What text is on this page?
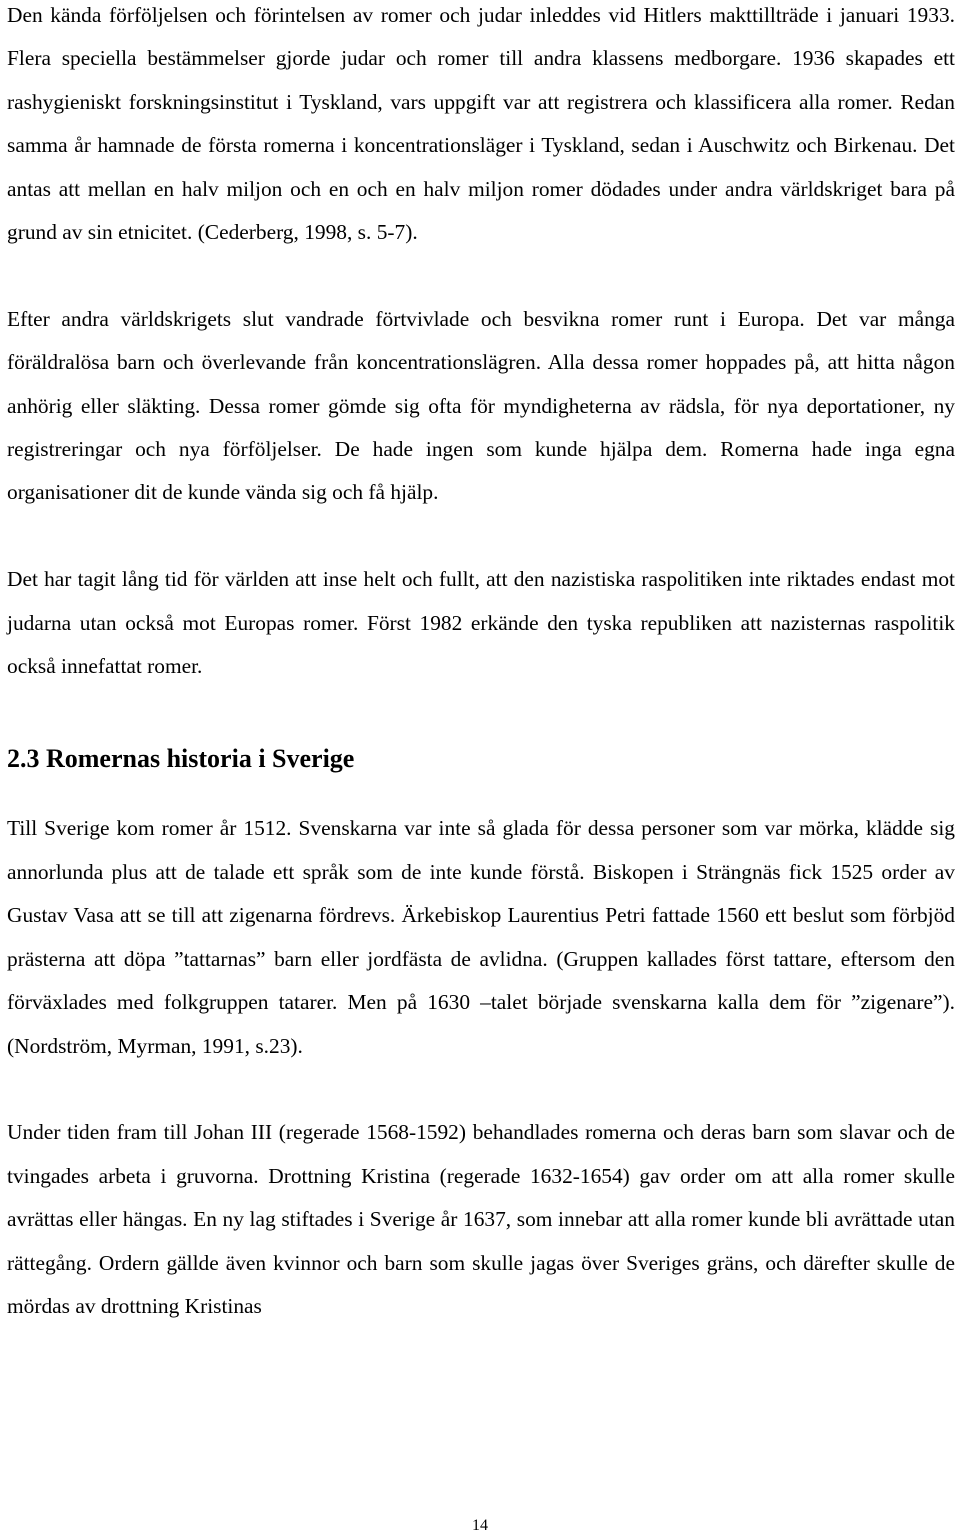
Den kända förföljelsen och förintelsen av romer och judar inleddes vid Hitlers makttillträde i januari 1933. Flera speciella bestämmelser gjorde judar och romer till andra klassens medborgare. 1936 skapades ett rashygieniskt forskningsinstitut i Tyskland, vars uppgift var att registrera och klassificera alla romer. Redan samma år hamnade de första romerna i koncentrationsläger i Tyskland, sedan i Auschwitz och Birkenau. Det antas att mellan en halv miljon och en och en halv miljon romer dödades under andra världskriget bara på grund av sin etnicitet. (Cederberg, 1998, s. 5-7).

Efter andra världskrigets slut vandrade förtvivlade och besvikna romer runt i Europa. Det var många föräldralösa barn och överlevande från koncentrationslägren. Alla dessa romer hoppades på, att hitta någon anhörig eller släkting. Dessa romer gömde sig ofta för myndigheterna av rädsla, för nya deportationer, ny registreringar och nya förföljelser. De hade ingen som kunde hjälpa dem. Romerna hade inga egna organisationer dit de kunde vända sig och få hjälp.

Det har tagit lång tid för världen att inse helt och fullt, att den nazistiska raspolitiken inte riktades endast mot judarna utan också mot Europas romer. Först 1982 erkände den tyska republiken att nazisternas raspolitik också innefattat romer.

2.3 Romernas historia i Sverige

Till Sverige kom romer år 1512. Svenskarna var inte så glada för dessa personer som var mörka, klädde sig annorlunda plus att de talade ett språk som de inte kunde förstå. Biskopen i Strängnäs fick 1525 order av Gustav Vasa att se till att zigenarna fördrevs. Ärkebiskop Laurentius Petri fattade 1560 ett beslut som förbjöd prästerna att döpa ”tattarnas” barn eller jordfästa de avlidna. (Gruppen kallades först tattare, eftersom den förväxlades med folkgruppen tatarer. Men på 1630 –talet började svenskarna kalla dem för ”zigenare”). (Nordström, Myrman, 1991, s.23).

Under tiden fram till Johan III (regerade 1568-1592) behandlades romerna och deras barn som slavar och de tvingades arbeta i gruvorna. Drottning Kristina (regerade 1632-1654) gav order om att alla romer skulle avrättas eller hängas. En ny lag stiftades i Sverige år 1637, som innebar att alla romer kunde bli avrättade utan rättegång. Ordern gällde även kvinnor och barn som skulle jagas över Sveriges gräns, och därefter skulle de mördas av drottning Kristinas

14
